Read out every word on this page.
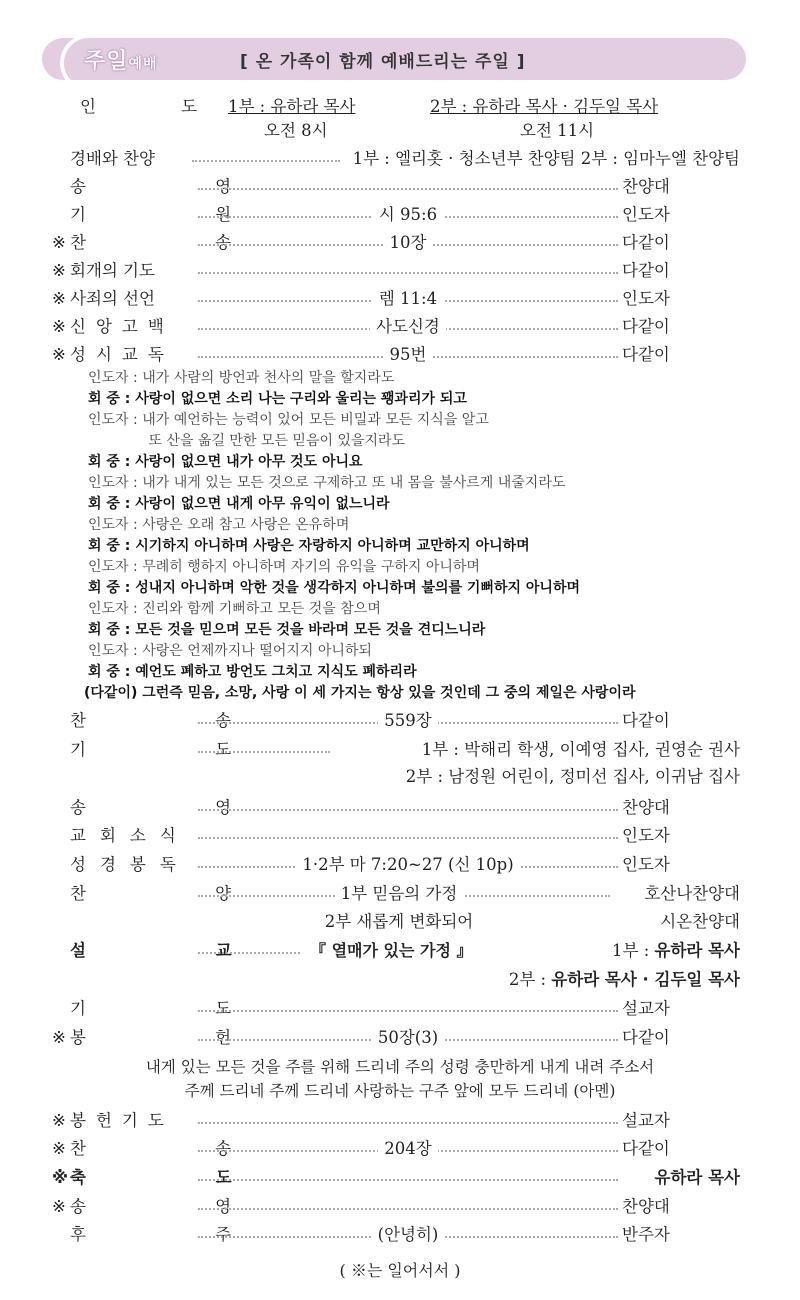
주일예배	[ 온 가족이 함께 예배드리는 주일 ]
인 도
1부 : 유하라 목사	2부 : 유하라 목사 · 김두일 목사
오전 8시	오전 11시
경배와 찬양	1부 : 엘리홋 · 청소년부 찬양팀 2부 : 임마누엘 찬양팀
송 영	찬양대
기 원	시 95:6	인도자
※ 찬 송	10장	다같이
※ 회개의 기도	다같이
※ 사죄의 선언	렘 11:4	인도자
※ 신앙고백	사도신경	다같이
※ 성시교독	95번	다같이
인도자 : 내가 사람의 방언과 천사의 말을 할지라도
회 중 : 사랑이 없으면 소리 나는 구리와 울리는 꽹과리가 되고
인도자 : 내가 예언하는 능력이 있어 모든 비밀과 모든 지식을 알고
또 산을 옮길 만한 모든 믿음이 있을지라도
회 중 : 사랑이 없으면 내가 아무 것도 아니요
인도자 : 내가 내게 있는 모든 것으로 구제하고 또 내 몸을 불사르게 내줄지라도
회 중 : 사랑이 없으면 내게 아무 유익이 없느니라
인도자 : 사랑은 오래 참고 사랑은 온유하며
회 중 : 시기하지 아니하며 사랑은 자랑하지 아니하며 교만하지 아니하며
인도자 : 무례히 행하지 아니하며 자기의 유익을 구하지 아니하며
회 중 : 성내지 아니하며 악한 것을 생각하지 아니하며 불의를 기뻐하지 아니하며
인도자 : 진리와 함께 기뻐하고 모든 것을 참으며
회 중 : 모든 것을 믿으며 모든 것을 바라며 모든 것을 견디느니라
인도자 : 사랑은 언제까지나 떨어지지 아니하되
회 중 : 예언도 폐하고 방언도 그치고 지식도 폐하리라
(다같이) 그런즉 믿음, 소망, 사랑 이 세 가지는 항상 있을 것인데 그 중의 제일은 사랑이라
찬 송	559장	다같이
기 도	1부 : 박해리 학생, 이예영 집사, 권영순 권사
2부 : 남정원 어린이, 정미선 집사, 이귀남 집사
송 영	찬양대
교회소식	인도자
성경봉독	1·2부 마 7:20~27 (신 10p)	인도자
찬 양	1부 믿음의 가정	호산나찬양대
2부 새롭게 변화되어	시온찬양대
설 교 『 열매가 있는 가정 』	1부 : 유하라 목사
2부 : 유하라 목사 · 김두일 목사
기 도	설교자
※ 봉 헌	50장(3)	다같이
내게 있는 모든 것을 주를 위해 드리네 주의 성령 충만하게 내게 내려 주소서
주께 드리네 주께 드리네 사랑하는 구주 앞에 모두 드리네 (아멘)
※ 봉헌기도	설교자
※ 찬 송	204장	다같이
※ 축 도	유하라 목사
※ 송 영	찬양대
후 주	(안녕히)	반주자
( ※는 일어서서 )
